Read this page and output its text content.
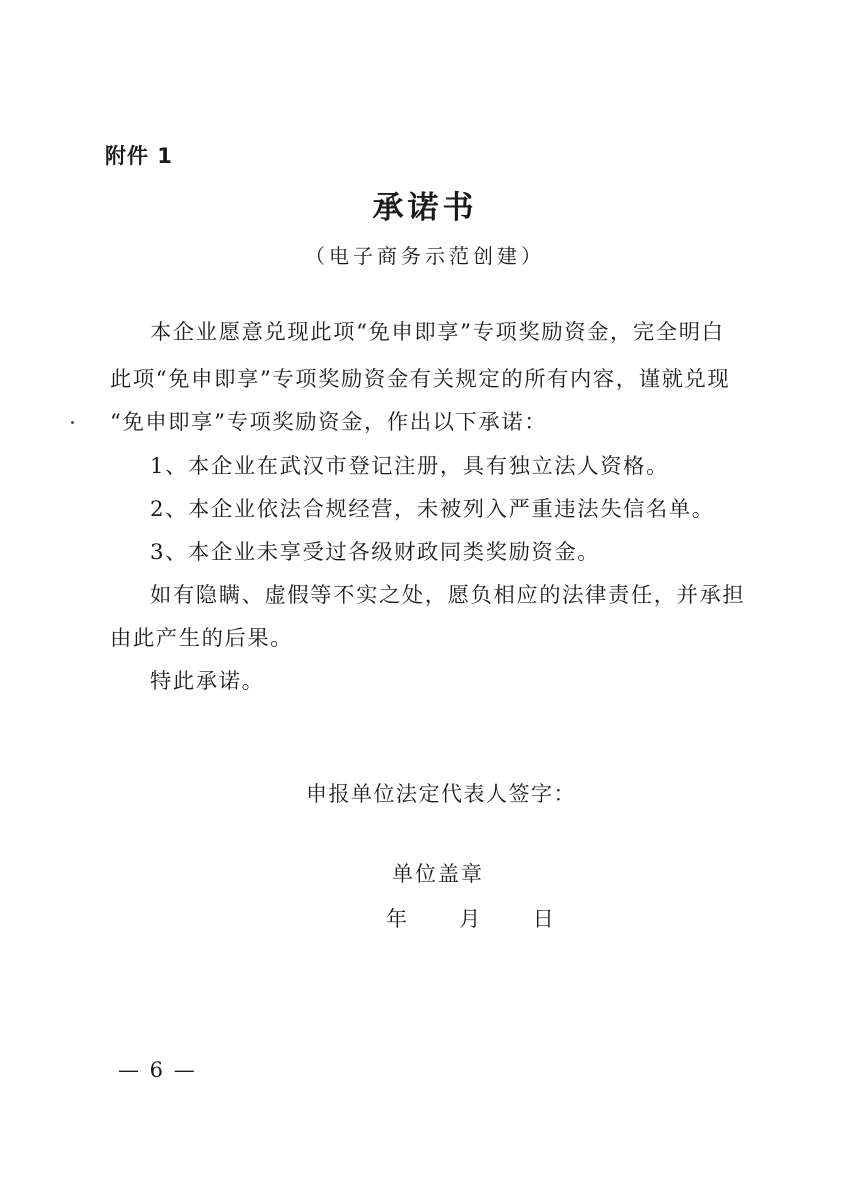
附件 1
承诺书
（电子商务示范创建）
本企业愿意兑现此项“免申即享”专项奖励资金，完全明白
此项“免申即享”专项奖励资金有关规定的所有内容，谨就兑现
“免申即享”专项奖励资金，作出以下承诺：
1、本企业在武汉市登记注册，具有独立法人资格。
2、本企业依法合规经营，未被列入严重违法失信名单。
3、本企业未享受过各级财政同类奖励资金。
如有隐瞒、虚假等不实之处，愿负相应的法律责任，并承担
由此产生的后果。
特此承诺。
申报单位法定代表人签字：
单位盖章
年 月 日
— 6 —
